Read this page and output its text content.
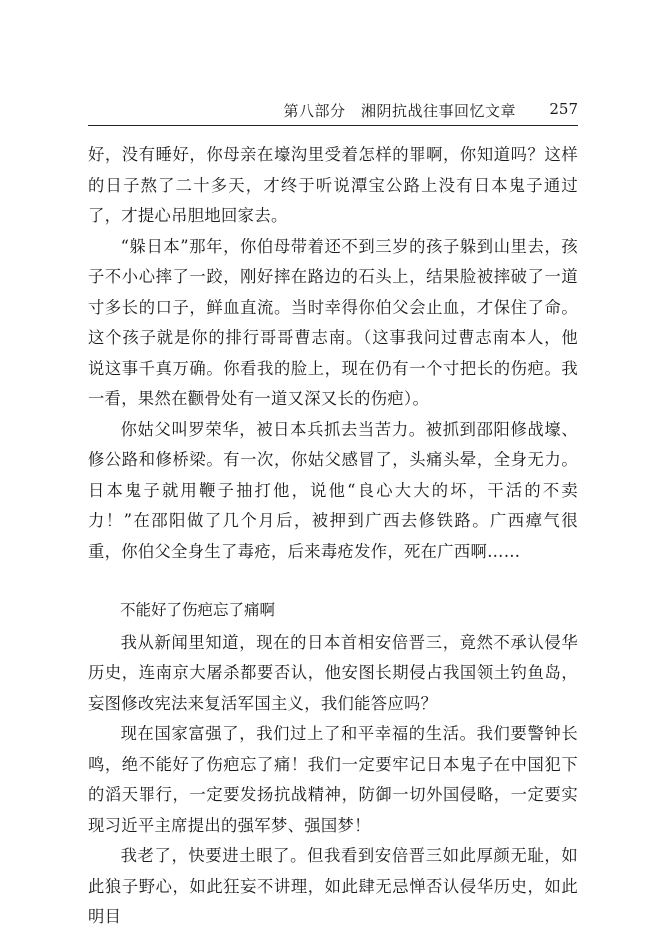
第八部分　湘阴抗战往事回忆文章 257

好，没有睡好，你母亲在壕沟里受着怎样的罪啊，你知道吗？这样的日子熬了二十多天，才终于听说潭宝公路上没有日本鬼子通过了，才提心吊胆地回家去。

“躲日本”那年，你伯母带着还不到三岁的孩子躲到山里去，孩子不小心摔了一跤，刚好摔在路边的石头上，结果脸被摔破了一道寸多长的口子，鲜血直流。当时幸得你伯父会止血，才保住了命。这个孩子就是你的排行哥哥曹志南。（这事我问过曹志南本人，他说这事千真万确。你看我的脸上，现在仍有一个寸把长的伤疤。我一看，果然在颧骨处有一道又深又长的伤疤）。

你姑父叫罗荣华，被日本兵抓去当苦力。被抓到邵阳修战壕、修公路和修桥梁。有一次，你姑父感冒了，头痛头晕，全身无力。日本鬼子就用鞭子抽打他，说他“良心大大的坏，干活的不卖力！”在邵阳做了几个月后，被押到广西去修铁路。广西瘴气很重，你伯父全身生了毒疮，后来毒疮发作，死在广西啊……

不能好了伤疤忘了痛啊

我从新闻里知道，现在的日本首相安倍晋三，竟然不承认侵华历史，连南京大屠杀都要否认，他安图长期侵占我国领土钓鱼岛，妄图修改宪法来复活军国主义，我们能答应吗？

现在国家富强了，我们过上了和平幸福的生活。我们要警钟长鸣，绝不能好了伤疤忘了痛！我们一定要牢记日本鬼子在中国犯下的滔天罪行，一定要发扬抗战精神，防御一切外国侵略，一定要实现习近平主席提出的强军梦、强国梦！

我老了，快要进土眼了。但我看到安倍晋三如此厚颜无耻，如此狼子野心，如此狂妄不讲理，如此肆无忌惮否认侵华历史，如此明目
